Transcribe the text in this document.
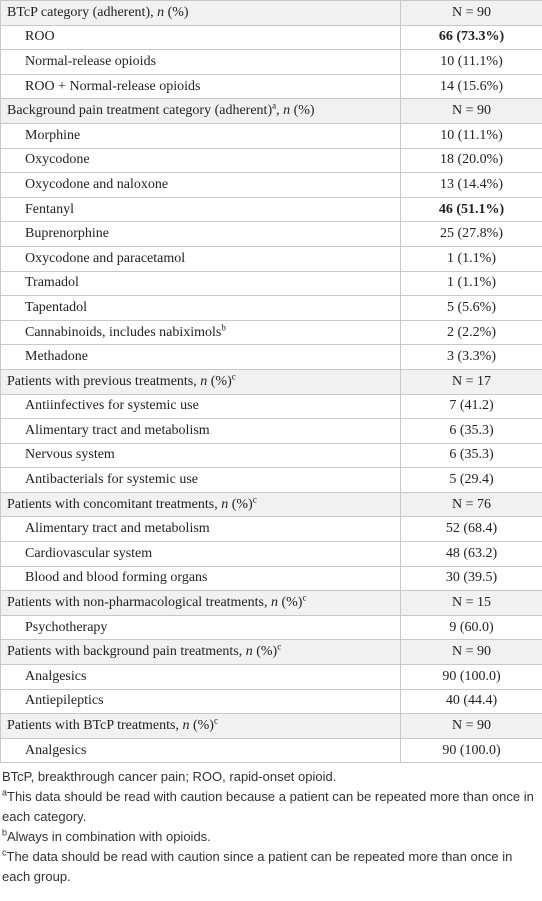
BTcP category (adherent), n (%)	N = 90
ROO	66 (73.3%)
Normal-release opioids	10 (11.1%)
ROO + Normal-release opioids	14 (15.6%)
Background pain treatment category (adherent)$^a$, n (%)	N = 90
Morphine	10 (11.1%)
Oxycodone	18 (20.0%)
Oxycodone and naloxone	13 (14.4%)
Fentanyl	46 (51.1%)
Buprenorphine	25 (27.8%)
Oxycodone and paracetamol	1 (1.1%)
Tramadol	1 (1.1%)
Tapentadol	5 (5.6%)
Cannabinoids, includes nabiximols$^b$	2 (2.2%)
Methadone	3 (3.3%)
Patients with previous treatments, n (%)$^c$	N = 17
Antiinfectives for systemic use	7 (41.2)
Alimentary tract and metabolism	6 (35.3)
Nervous system	6 (35.3)
Antibacterials for systemic use	5 (29.4)
Patients with concomitant treatments, n (%)$^c$	N = 76
Alimentary tract and metabolism	52 (68.4)
Cardiovascular system	48 (63.2)
Blood and blood forming organs	30 (39.5)
Patients with non-pharmacological treatments, n (%)$^c$	N = 15
Psychotherapy	9 (60.0)
Patients with background pain treatments, n (%)$^c$	N = 90
Analgesics	90 (100.0)
Antiepileptics	40 (44.4)
Patients with BTcP treatments, n (%)$^c$	N = 90
Analgesics	90 (100.0)

BTcP, breakthrough cancer pain; ROO, rapid-onset opioid.

$^a$This data should be read with caution because a patient can be repeated more than once in each category.

$^b$Always in combination with opioids.

$^c$The data should be read with caution since a patient can be repeated more than once in each group.
